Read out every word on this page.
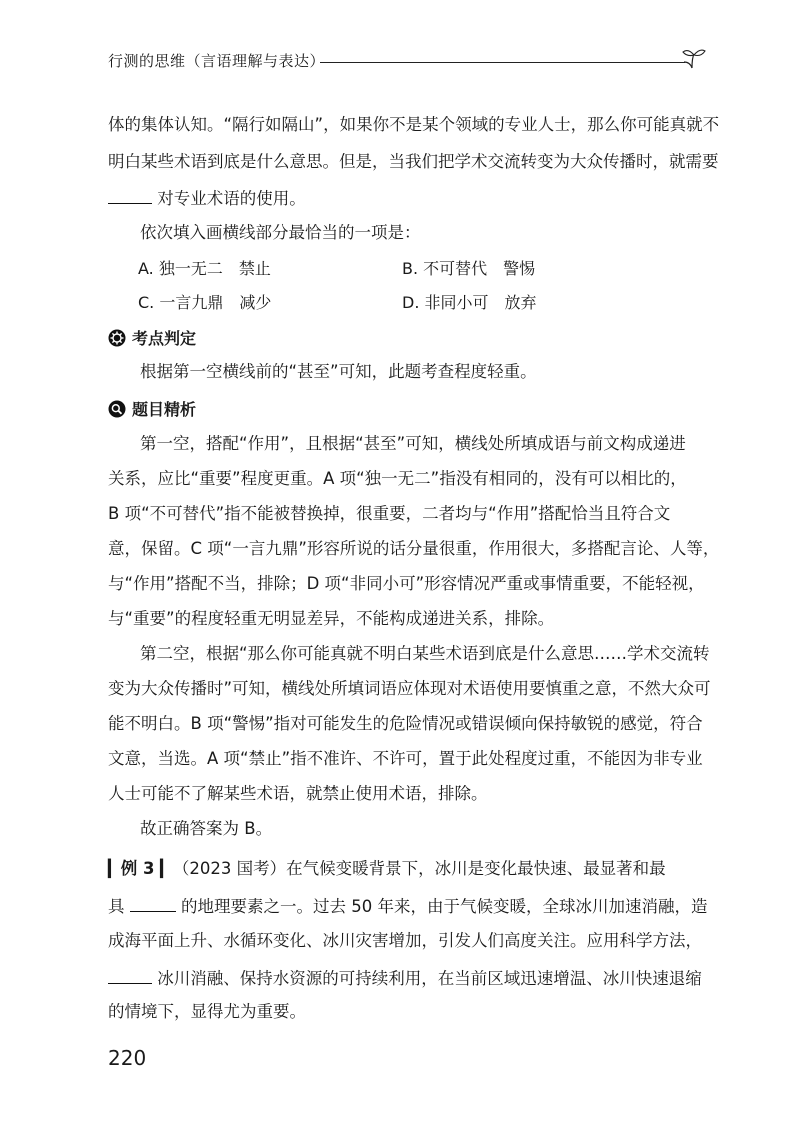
行测的思维（言语理解与表达）
体的集体认知。“隔行如隔山”，如果你不是某个领域的专业人士，那么你可能真就不
明白某些术语到底是什么意思。但是，当我们把学术交流转变为大众传播时，就需要
对专业术语的使用。
依次填入画横线部分最恰当的一项是：
A. 独一无二　禁止	B. 不可替代　警惕
C. 一言九鼎　减少	D. 非同小可　放弃
考点判定
根据第一空横线前的“甚至”可知，此题考查程度轻重。
题目精析
第一空，搭配“作用”，且根据“甚至”可知，横线处所填成语与前文构成递进
关系，应比“重要”程度更重。A 项“独一无二”指没有相同的，没有可以相比的，
B 项“不可替代”指不能被替换掉，很重要，二者均与“作用”搭配恰当且符合文
意，保留。C 项“一言九鼎”形容所说的话分量很重，作用很大，多搭配言论、人等，
与“作用”搭配不当，排除；D 项“非同小可”形容情况严重或事情重要，不能轻视，
与“重要”的程度轻重无明显差异，不能构成递进关系，排除。
第二空，根据“那么你可能真就不明白某些术语到底是什么意思……学术交流转
变为大众传播时”可知，横线处所填词语应体现对术语使用要慎重之意，不然大众可
能不明白。B 项“警惕”指对可能发生的危险情况或错误倾向保持敏锐的感觉，符合
文意，当选。A 项“禁止”指不准许、不许可，置于此处程度过重，不能因为非专业
人士可能不了解某些术语，就禁止使用术语，排除。
故正确答案为 B。
▎例 3 ▎（2023 国考）在气候变暖背景下，冰川是变化最快速、最显著和最
具	的地理要素之一。过去 50 年来，由于气候变暖，全球冰川加速消融，造
成海平面上升、水循环变化、冰川灾害增加，引发人们高度关注。应用科学方法，
冰川消融、保持水资源的可持续利用，在当前区域迅速增温、冰川快速退缩
的情境下，显得尤为重要。
220
